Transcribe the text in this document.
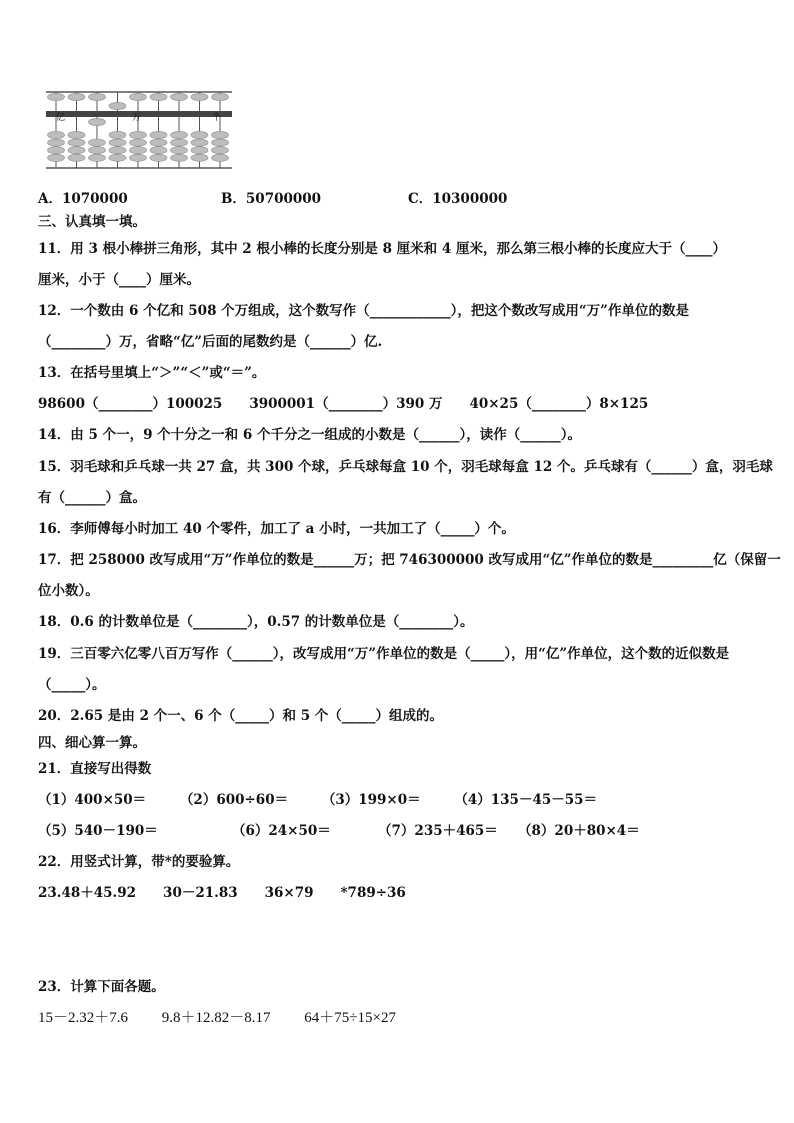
亿	万	个
A．1070000	B．50700000	C．10300000
三、认真填一填。
11．用 3 根小棒拼三角形，其中 2 根小棒的长度分别是 8 厘米和 4 厘米，那么第三根小棒的长度应大于（____）
厘米，小于（____）厘米。
12．一个数由 6 个亿和 508 个万组成，这个数写作（____________），把这个数改写成用“万”作单位的数是
（________）万，省略“亿”后面的尾数约是（______）亿.
13．在括号里填上“＞”“＜”或“＝”。
98600（________）100025　　3900001（________）390 万　　40×25（________）8×125
14．由 5 个一，9 个十分之一和 6 个千分之一组成的小数是（______），读作（______）。
15．羽毛球和乒乓球一共 27 盒，共 300 个球，乒乓球每盒 10 个，羽毛球每盒 12 个。乒乓球有（______）盒，羽毛球
有（______）盒。
16．李师傅每小时加工 40 个零件，加工了 a 小时，一共加工了（_____）个。
17．把 258000 改写成用“万”作单位的数是______万；把 746300000 改写成用“亿”作单位的数是_________亿（保留一
位小数）。
18．0.6 的计数单位是（________），0.57 的计数单位是（________）。
19．三百零六亿零八百万写作（______），改写成用“万”作单位的数是（_____），用“亿”作单位，这个数的近似数是
（_____）。
20．2.65 是由 2 个一、6 个（_____）和 5 个（_____）组成的。
四、细心算一算。
21．直接写出得数
（1）400×50＝　　　（2）600÷60＝　　　（3）199×0＝　　　（4）135－45－55＝
（5）540－190＝　　　　　　（6）24×50＝　　　　（7）235＋465＝　　（8）20＋80×4＝
22．用竖式计算，带*的要验算。
23.48＋45.92　　30－21.83　　36×79　　*789÷36
23．计算下面各题。
15－2.32＋7.6　　 9.8＋12.82－8.17　　 64＋75÷15×27
